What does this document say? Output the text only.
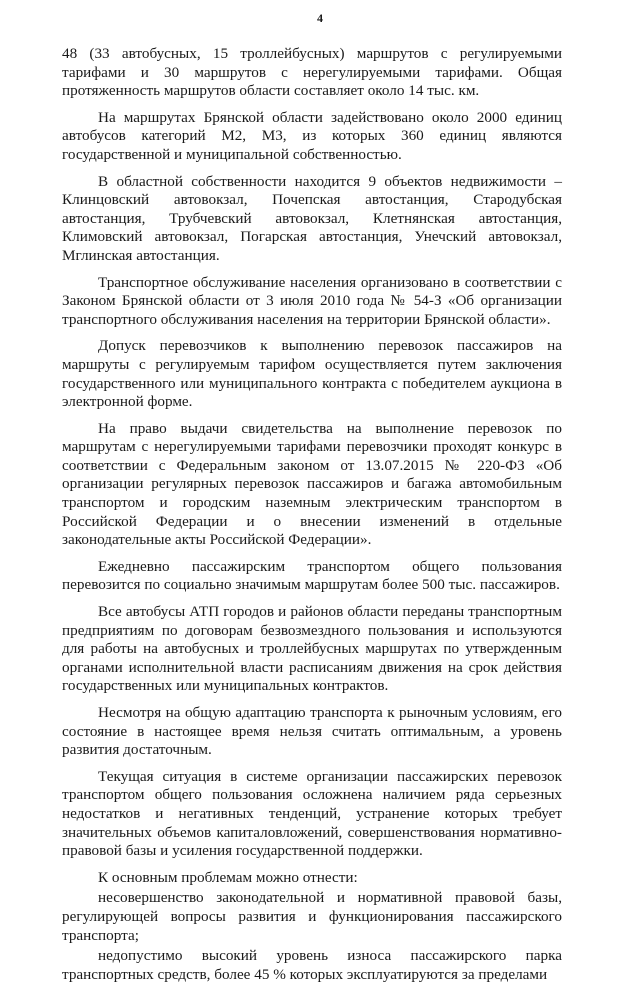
4

48 (33 автобусных, 15 троллейбусных) маршрутов с регулируемыми тарифами и 30 маршрутов с нерегулируемыми тарифами. Общая протяженность маршрутов области составляет около 14 тыс. км.

На маршрутах Брянской области задействовано около 2000 единиц автобусов категорий М2, М3, из которых 360 единиц являются государственной и муниципальной собственностью.

В областной собственности находится 9 объектов недвижимости – Клинцовский автовокзал, Почепская автостанция, Стародубская автостанция, Трубчевский автовокзал, Клетнянская автостанция, Климовский автовокзал, Погарская автостанция, Унечский автовокзал, Мглинская автостанция.

Транспортное обслуживание населения организовано в соответствии с Законом Брянской области от 3 июля 2010 года № 54-З «Об организации транспортного обслуживания населения на территории Брянской области».

Допуск перевозчиков к выполнению перевозок пассажиров на маршруты с регулируемым тарифом осуществляется путем заключения государственного или муниципального контракта с победителем аукциона в электронной форме.

На право выдачи свидетельства на выполнение перевозок по маршрутам с нерегулируемыми тарифами перевозчики проходят конкурс в соответствии с Федеральным законом от 13.07.2015 № 220-ФЗ «Об организации регулярных перевозок пассажиров и багажа автомобильным транспортом и городским наземным электрическим транспортом в Российской Федерации и о внесении изменений в отдельные законодательные акты Российской Федерации».

Ежедневно пассажирским транспортом общего пользования перевозится по социально значимым маршрутам более 500 тыс. пассажиров.

Все автобусы АТП городов и районов области переданы транспортным предприятиям по договорам безвозмездного пользования и используются для работы на автобусных и троллейбусных маршрутах по утвержденным органами исполнительной власти расписаниям движения на срок действия государственных или муниципальных контрактов.

Несмотря на общую адаптацию транспорта к рыночным условиям, его состояние в настоящее время нельзя считать оптимальным, а уровень развития достаточным.

Текущая ситуация в системе организации пассажирских перевозок транспортом общего пользования осложнена наличием ряда серьезных недостатков и негативных тенденций, устранение которых требует значительных объемов капиталовложений, совершенствования нормативно-правовой базы и усиления государственной поддержки.

К основным проблемам можно отнести:

несовершенство законодательной и нормативной правовой базы, регулирующей вопросы развития и функционирования пассажирского транспорта;

недопустимо высокий уровень износа пассажирского парка транспортных средств, более 45 % которых эксплуатируются за пределами
